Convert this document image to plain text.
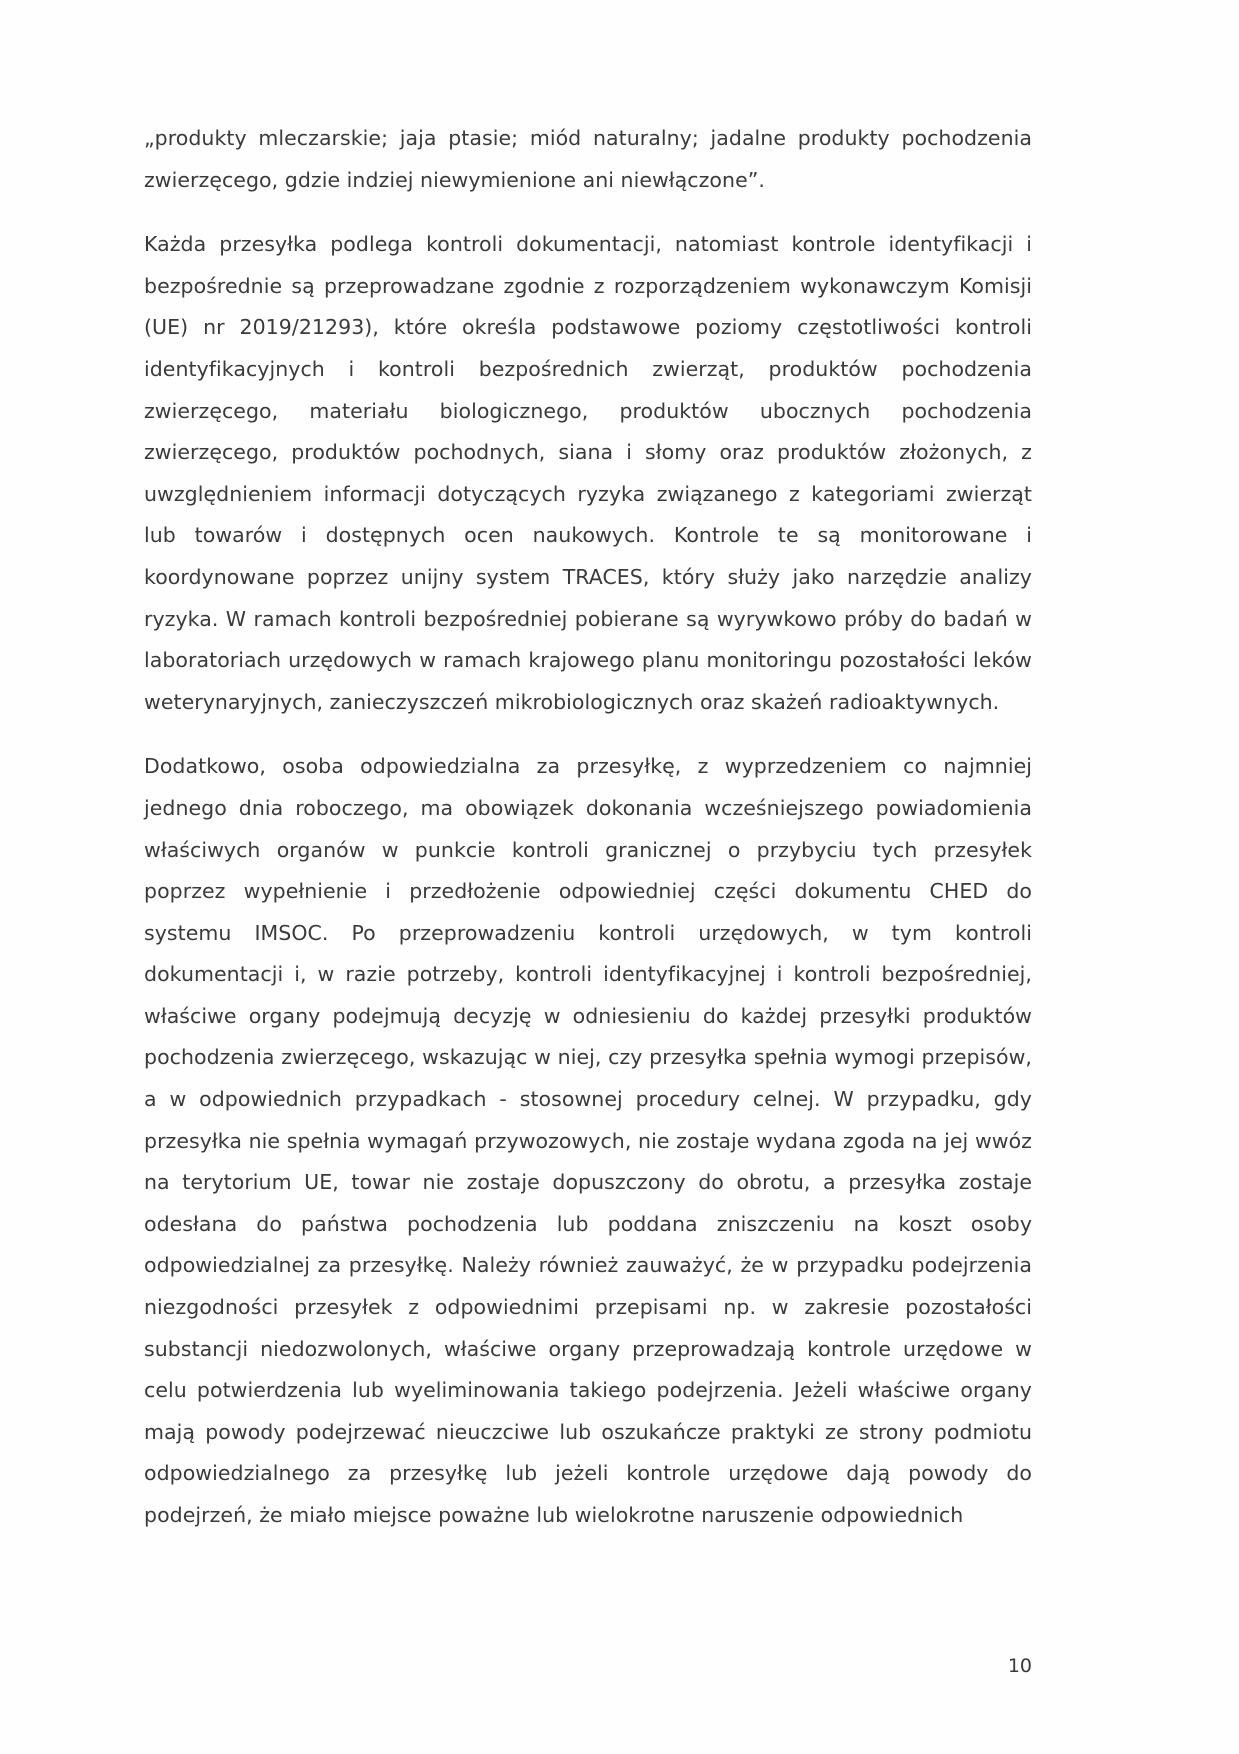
„produkty mleczarskie; jaja ptasie; miód naturalny; jadalne produkty pochodzenia zwierzęcego, gdzie indziej niewymienione ani niewłączone”.

Każda przesyłka podlega kontroli dokumentacji, natomiast kontrole identyfikacji i bezpośrednie są przeprowadzane zgodnie z rozporządzeniem wykonawczym Komisji (UE) nr 2019/21293), które określa podstawowe poziomy częstotliwości kontroli identyfikacyjnych i kontroli bezpośrednich zwierząt, produktów pochodzenia zwierzęcego, materiału biologicznego, produktów ubocznych pochodzenia zwierzęcego, produktów pochodnych, siana i słomy oraz produktów złożonych, z uwzględnieniem informacji dotyczących ryzyka związanego z kategoriami zwierząt lub towarów i dostępnych ocen naukowych. Kontrole te są monitorowane i koordynowane poprzez unijny system TRACES, który służy jako narzędzie analizy ryzyka. W ramach kontroli bezpośredniej pobierane są wyrywkowo próby do badań w laboratoriach urzędowych w ramach krajowego planu monitoringu pozostałości leków weterynaryjnych, zanieczyszczeń mikrobiologicznych oraz skażeń radioaktywnych.

Dodatkowo, osoba odpowiedzialna za przesyłkę, z wyprzedzeniem co najmniej jednego dnia roboczego, ma obowiązek dokonania wcześniejszego powiadomienia właściwych organów w punkcie kontroli granicznej o przybyciu tych przesyłek poprzez wypełnienie i przedłożenie odpowiedniej części dokumentu CHED do systemu IMSOC. Po przeprowadzeniu kontroli urzędowych, w tym kontroli dokumentacji i, w razie potrzeby, kontroli identyfikacyjnej i kontroli bezpośredniej, właściwe organy podejmują decyzję w odniesieniu do każdej przesyłki produktów pochodzenia zwierzęcego, wskazując w niej, czy przesyłka spełnia wymogi przepisów, a w odpowiednich przypadkach - stosownej procedury celnej. W przypadku, gdy przesyłka nie spełnia wymagań przywozowych, nie zostaje wydana zgoda na jej wwóz na terytorium UE, towar nie zostaje dopuszczony do obrotu, a przesyłka zostaje odesłana do państwa pochodzenia lub poddana zniszczeniu na koszt osoby odpowiedzialnej za przesyłkę. Należy również zauważyć, że w przypadku podejrzenia niezgodności przesyłek z odpowiednimi przepisami np. w zakresie pozostałości substancji niedozwolonych, właściwe organy przeprowadzają kontrole urzędowe w celu potwierdzenia lub wyeliminowania takiego podejrzenia. Jeżeli właściwe organy mają powody podejrzewać nieuczciwe lub oszukańcze praktyki ze strony podmiotu odpowiedzialnego za przesyłkę lub jeżeli kontrole urzędowe dają powody do podejrzeń, że miało miejsce poważne lub wielokrotne naruszenie odpowiednich

10
